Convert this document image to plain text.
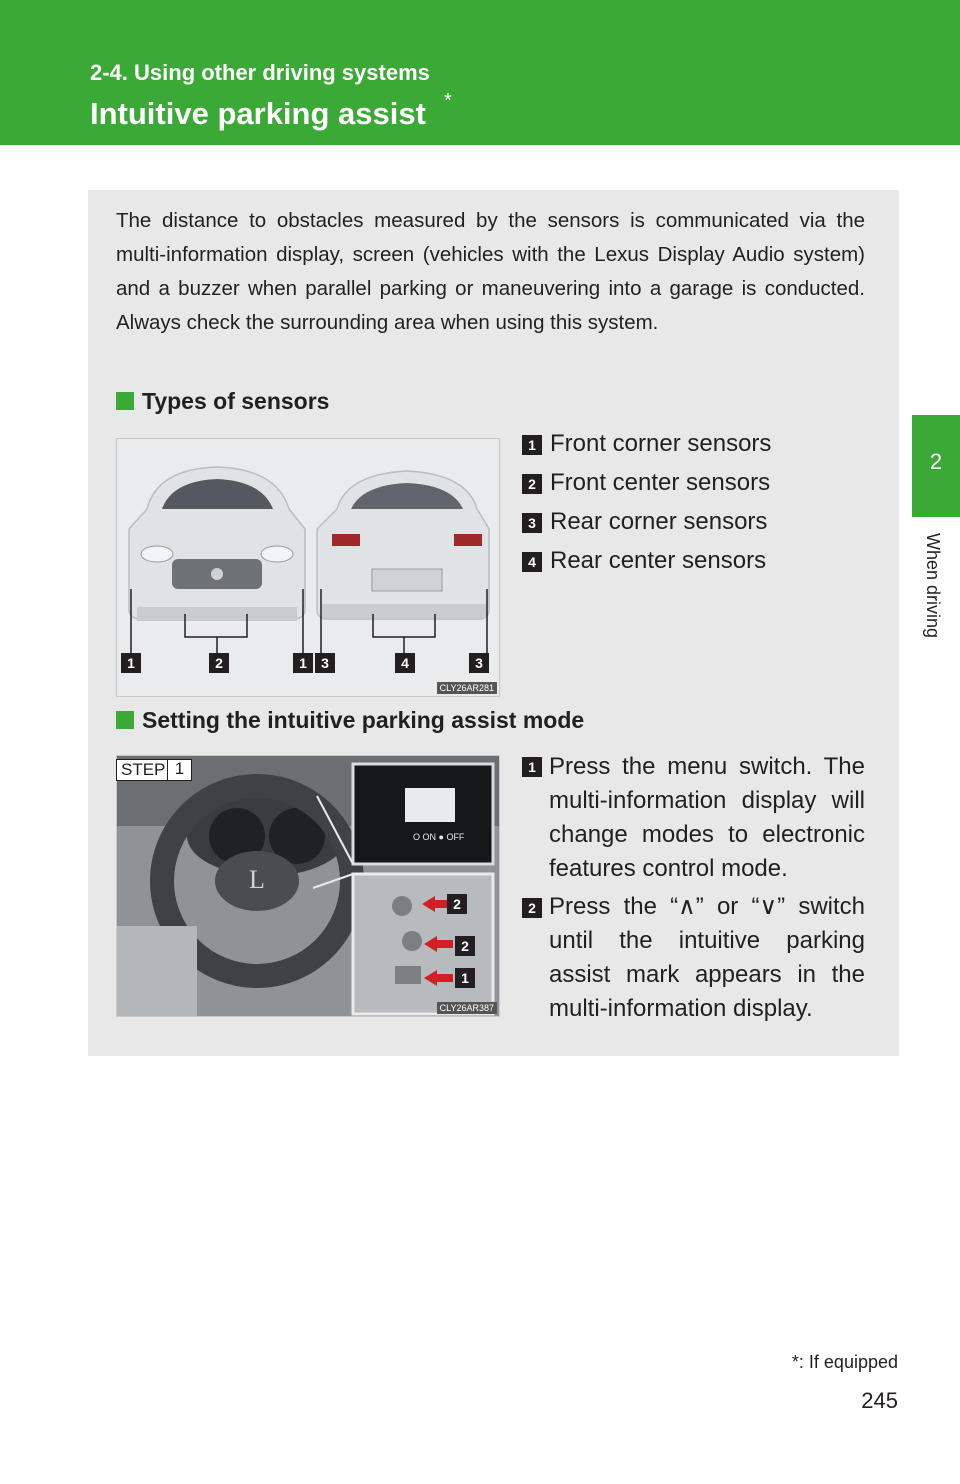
2-4. Using other driving systems
Intuitive parking assist *
2
When driving

The distance to obstacles measured by the sensors is communicated via the multi-information display, screen (vehicles with the Lexus Display Audio system) and a buzzer when parallel parking or maneuvering into a garage is conducted. Always check the surrounding area when using this system.

Types of sensors
1	2	1	3	4	3
CLY26AR281
1 Front corner sensors
2 Front center sensors
3 Rear corner sensors
4 Rear center sensors
Setting the intuitive parking assist mode
L
O ON ● OFF
2
2
1
CLY26AR387
STEP 1	1 Press the menu switch. The multi-information display will change modes to electronic features control mode.

2 Press the “∧” or “∨” switch until the intuitive parking assist mark appears in the multi-information display.

*: If equipped
245
